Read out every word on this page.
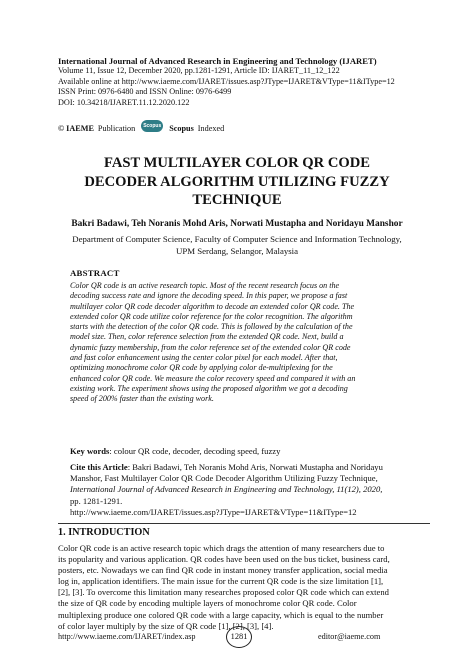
International Journal of Advanced Research in Engineering and Technology (IJARET)
Volume 11, Issue 12, December 2020, pp.1281-1291, Article ID: IJARET_11_12_122
Available online at http://www.iaeme.com/IJARET/issues.asp?JType=IJARET&VType=11&IType=12
ISSN Print: 0976-6480 and ISSN Online: 0976-6499
DOI: 10.34218/IJARET.11.12.2020.122
© IAEME Publication	Scopus Scopus Indexed
FAST MULTILAYER COLOR QR CODE
DECODER ALGORITHM UTILIZING FUZZY
TECHNIQUE
Bakri Badawi, Teh Noranis Mohd Aris, Norwati Mustapha and Noridayu Manshor
Department of Computer Science, Faculty of Computer Science and Information Technology,
UPM Serdang, Selangor, Malaysia
ABSTRACT
Color QR code is an active research topic. Most of the recent research focus on the
decoding success rate and ignore the decoding speed. In this paper, we propose a fast
multilayer color QR code decoder algorithm to decode an extended color QR code. The
extended color QR code utilize color reference for the color recognition. The algorithm
starts with the detection of the color QR code. This is followed by the calculation of the
model size. Then, color reference selection from the extended QR code. Next, build a
dynamic fuzzy membership, from the color reference set of the extended color QR code
and fast color enhancement using the center color pixel for each model. After that,
optimizing monochrome color QR code by applying color de-multiplexing for the
enhanced color QR code. We measure the color recovery speed and compared it with an
existing work. The experiment shows using the proposed algorithm we got a decoding
speed of 200% faster than the existing work.
Key words: colour QR code, decoder, decoding speed, fuzzy
Cite this Article: Bakri Badawi, Teh Noranis Mohd Aris, Norwati Mustapha and Noridayu
Manshor, Fast Multilayer Color QR Code Decoder Algorithm Utilizing Fuzzy Technique,
International Journal of Advanced Research in Engineering and Technology, 11(12), 2020,
pp. 1281-1291.
http://www.iaeme.com/IJARET/issues.asp?JType=IJARET&VType=11&IType=12
1. INTRODUCTION
Color QR code is an active research topic which drags the attention of many researchers due to
its popularity and various application. QR codes have been used on the bus ticket, business card,
posters, etc. Nowadays we can find QR code in instant money transfer application, social media
log in, application identifiers. The main issue for the current QR code is the size limitation [1],
[2], [3]. To overcome this limitation many researches proposed color QR code which can extend
the size of QR code by encoding multiple layers of monochrome color QR code. Color
multiplexing produce one colored QR code with a large capacity, which is equal to the number
of color layer multiply by the size of QR code [1], [2], [3], [4].
http://www.iaeme.com/IJARET/index.asp	1281	editor@iaeme.com
